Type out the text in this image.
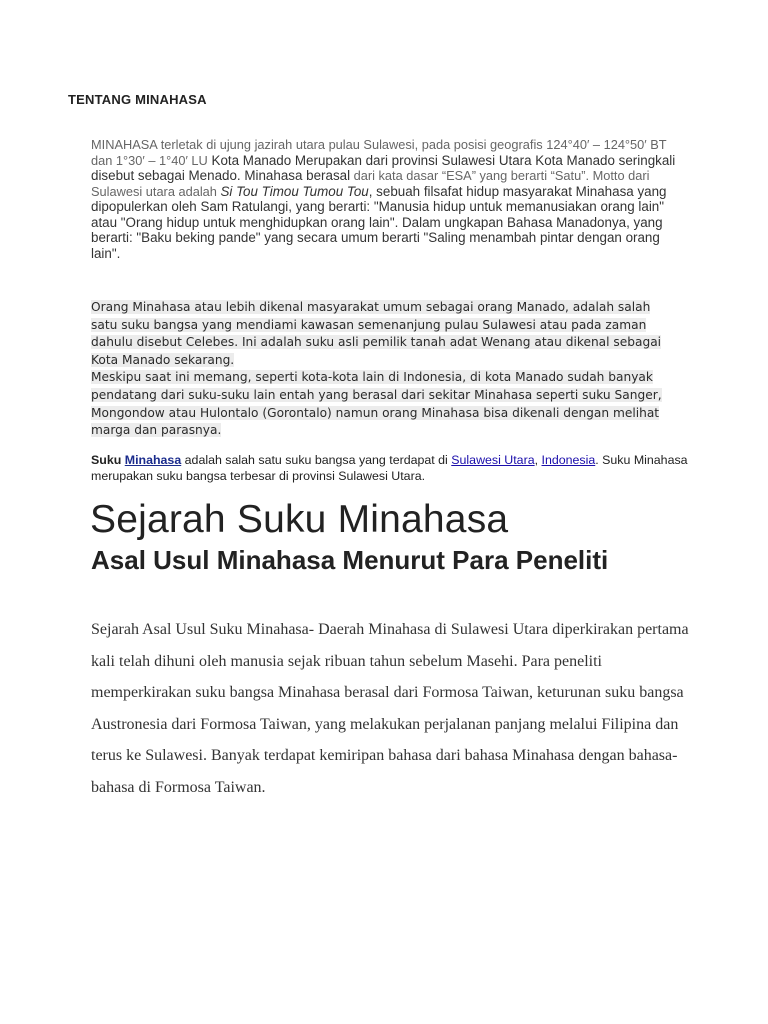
TENTANG MINAHASA
MINAHASA terletak di ujung jazirah utara pulau Sulawesi, pada posisi geografis 124°40′ – 124°50′ BT dan 1°30′ – 1°40′ LU Kota Manado Merupakan dari provinsi Sulawesi Utara Kota Manado seringkali disebut sebagai Menado. Minahasa berasal dari kata dasar “ESA” yang berarti “Satu”. Motto dari Sulawesi utara adalah Si Tou Timou Tumou Tou, sebuah filsafat hidup masyarakat Minahasa yang dipopulerkan oleh Sam Ratulangi, yang berarti: "Manusia hidup untuk memanusiakan orang lain" atau "Orang hidup untuk menghidupkan orang lain". Dalam ungkapan Bahasa Manadonya, yang berarti: "Baku beking pande" yang secara umum berarti "Saling menambah pintar dengan orang lain".
Orang Minahasa atau lebih dikenal masyarakat umum sebagai orang Manado, adalah salah satu suku bangsa yang mendiami kawasan semenanjung pulau Sulawesi atau pada zaman dahulu disebut Celebes. Ini adalah suku asli pemilik tanah adat Wenang atau dikenal sebagai Kota Manado sekarang.
Meskipu saat ini memang, seperti kota-kota lain di Indonesia, di kota Manado sudah banyak pendatang dari suku-suku lain entah yang berasal dari sekitar Minahasa seperti suku Sanger, Mongondow atau Hulontalo (Gorontalo) namun orang Minahasa bisa dikenali dengan melihat marga dan parasnya.
Suku Minahasa adalah salah satu suku bangsa yang terdapat di Sulawesi Utara, Indonesia. Suku Minahasa merupakan suku bangsa terbesar di provinsi Sulawesi Utara.
Sejarah Suku Minahasa
Asal Usul Minahasa Menurut Para Peneliti

Sejarah Asal Usul Suku Minahasa- Daerah Minahasa di Sulawesi Utara diperkirakan pertama kali telah dihuni oleh manusia sejak ribuan tahun sebelum Masehi. Para peneliti memperkirakan suku bangsa Minahasa berasal dari Formosa Taiwan, keturunan suku bangsa Austronesia dari Formosa Taiwan, yang melakukan perjalanan panjang melalui Filipina dan terus ke Sulawesi. Banyak terdapat kemiripan bahasa dari bahasa Minahasa dengan bahasa-bahasa di Formosa Taiwan.
